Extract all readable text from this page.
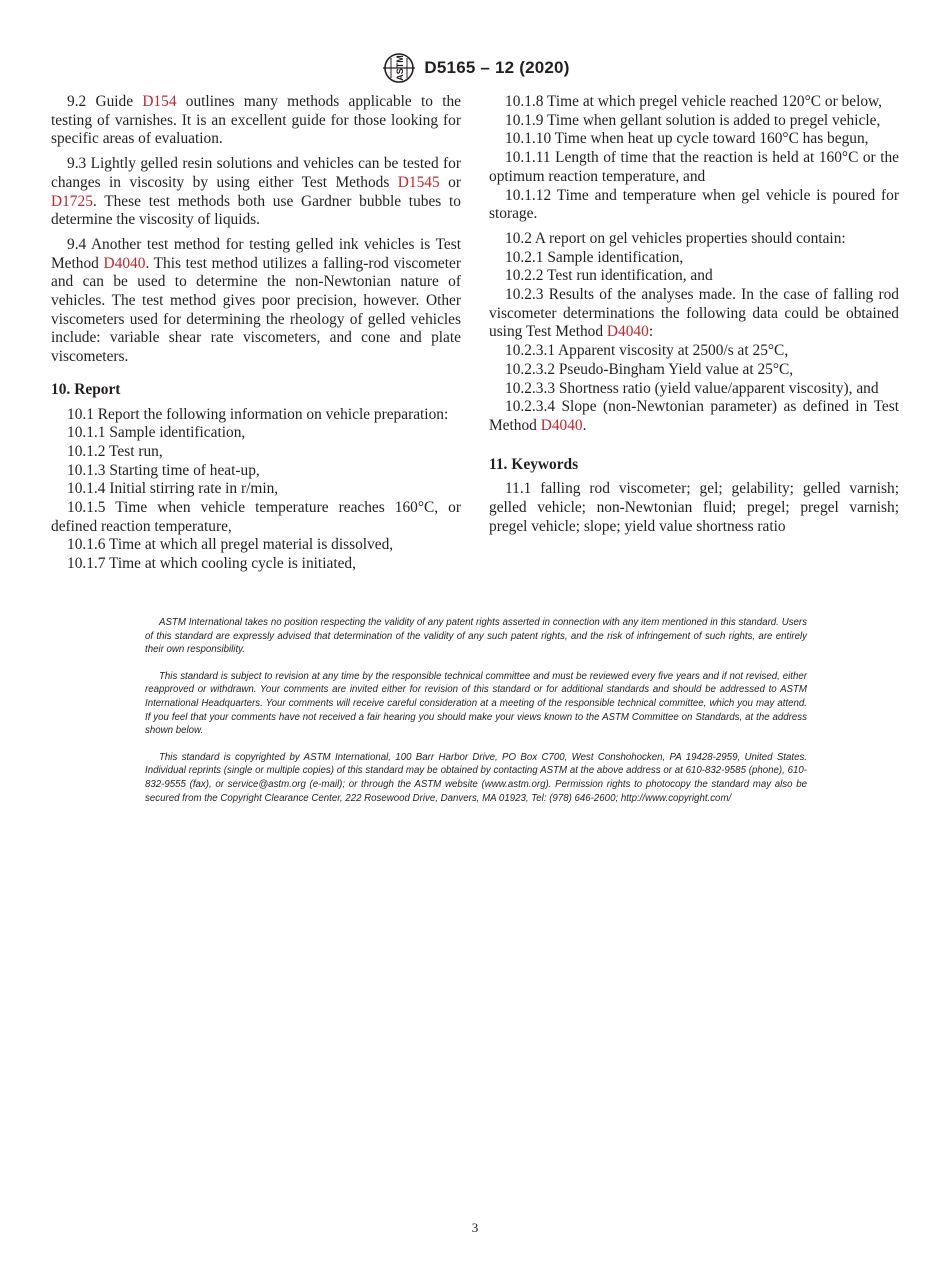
ASTM D5165 – 12 (2020)

9.2 Guide D154 outlines many methods applicable to the testing of varnishes. It is an excellent guide for those looking for specific areas of evaluation.

9.3 Lightly gelled resin solutions and vehicles can be tested for changes in viscosity by using either Test Methods D1545 or D1725. These test methods both use Gardner bubble tubes to determine the viscosity of liquids.

9.4 Another test method for testing gelled ink vehicles is Test Method D4040. This test method utilizes a falling-rod viscometer and can be used to determine the non-Newtonian nature of vehicles. The test method gives poor precision, however. Other viscometers used for determining the rheology of gelled vehicles include: variable shear rate viscometers, and cone and plate viscometers.

10. Report

10.1 Report the following information on vehicle preparation:

10.1.1 Sample identification,

10.1.2 Test run,

10.1.3 Starting time of heat-up,

10.1.4 Initial stirring rate in r/min,

10.1.5 Time when vehicle temperature reaches 160°C, or defined reaction temperature,

10.1.6 Time at which all pregel material is dissolved,

10.1.7 Time at which cooling cycle is initiated,

10.1.8 Time at which pregel vehicle reached 120°C or below,

10.1.9 Time when gellant solution is added to pregel vehicle,

10.1.10 Time when heat up cycle toward 160°C has begun,

10.1.11 Length of time that the reaction is held at 160°C or the optimum reaction temperature, and

10.1.12 Time and temperature when gel vehicle is poured for storage.

10.2 A report on gel vehicles properties should contain:

10.2.1 Sample identification,

10.2.2 Test run identification, and

10.2.3 Results of the analyses made. In the case of falling rod viscometer determinations the following data could be obtained using Test Method D4040:

10.2.3.1 Apparent viscosity at 2500/s at 25°C,

10.2.3.2 Pseudo-Bingham Yield value at 25°C,

10.2.3.3 Shortness ratio (yield value/apparent viscosity), and

10.2.3.4 Slope (non-Newtonian parameter) as defined in Test Method D4040.

11. Keywords

11.1 falling rod viscometer; gel; gelability; gelled varnish; gelled vehicle; non-Newtonian fluid; pregel; pregel varnish; pregel vehicle; slope; yield value shortness ratio

ASTM International takes no position respecting the validity of any patent rights asserted in connection with any item mentioned in this standard. Users of this standard are expressly advised that determination of the validity of any such patent rights, and the risk of infringement of such rights, are entirely their own responsibility.

This standard is subject to revision at any time by the responsible technical committee and must be reviewed every five years and if not revised, either reapproved or withdrawn. Your comments are invited either for revision of this standard or for additional standards and should be addressed to ASTM International Headquarters. Your comments will receive careful consideration at a meeting of the responsible technical committee, which you may attend. If you feel that your comments have not received a fair hearing you should make your views known to the ASTM Committee on Standards, at the address shown below.

This standard is copyrighted by ASTM International, 100 Barr Harbor Drive, PO Box C700, West Conshohocken, PA 19428-2959, United States. Individual reprints (single or multiple copies) of this standard may be obtained by contacting ASTM at the above address or at 610-832-9585 (phone), 610-832-9555 (fax), or service@astm.org (e-mail); or through the ASTM website (www.astm.org). Permission rights to photocopy the standard may also be secured from the Copyright Clearance Center, 222 Rosewood Drive, Danvers, MA 01923, Tel: (978) 646-2600; http://www.copyright.com/

3
